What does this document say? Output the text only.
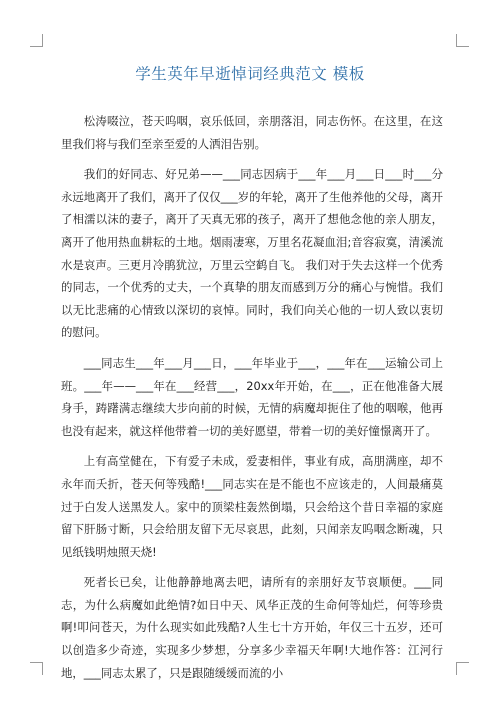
学生英年早逝悼词经典范文 模板

松涛啜泣，苍天呜咽，哀乐低回，亲朋落泪，同志伤怀。在这里，在这里我们将与我们至亲至爱的人洒泪告别。

我们的好同志、好兄弟——___同志因病于___年___月___日___时___分永远地离开了我们，离开了仅仅___岁的年轮，离开了生他养他的父母，离开了相濡以沫的妻子，离开了天真无邪的孩子，离开了想他念他的亲人朋友，离开了他用热血耕耘的土地。烟雨凄寒，万里名花凝血泪;音容寂寞，清溪流水是哀声。三更月冷鹃犹泣，万里云空鹤自飞。 我们对于失去这样一个优秀的同志，一个优秀的丈夫，一个真挚的朋友而感到万分的痛心与惋惜。我们以无比悲痛的心情致以深切的哀悼。同时，我们向关心他的一切人致以衷切的慰问。

___同志生___年___月___日，___年毕业于___，___年在___运输公司上班。___年——___年在___经营___，20xx年开始，在___，正在他准备大展身手，踌躇满志继续大步向前的时候，无情的病魔却扼住了他的咽喉，他再也没有起来，就这样他带着一切的美好愿望，带着一切的美好憧憬离开了。

上有高堂健在，下有爱子未成，爱妻相伴，事业有成，高朋满座，却不永年而夭折，苍天何等残酷!___同志实在是不能也不应该走的，人间最痛莫过于白发人送黑发人。家中的顶梁柱轰然倒塌，只会给这个昔日幸福的家庭留下肝肠寸断，只会给朋友留下无尽哀思，此刻，只闻亲友呜咽念断魂，只见纸钱明烛照天烧!

死者长已矣，让他静静地离去吧，请所有的亲朋好友节哀顺便。___同志，为什么病魔如此绝情?如日中天、风华正茂的生命何等灿烂，何等珍贵啊!叩问苍天，为什么现实如此残酷?人生七十方开始，年仅三十五岁，还可以创造多少奇迹，实现多少梦想，分享多少幸福天年啊!大地作答：江河行地，___同志太累了，只是跟随缓缓而流的小
